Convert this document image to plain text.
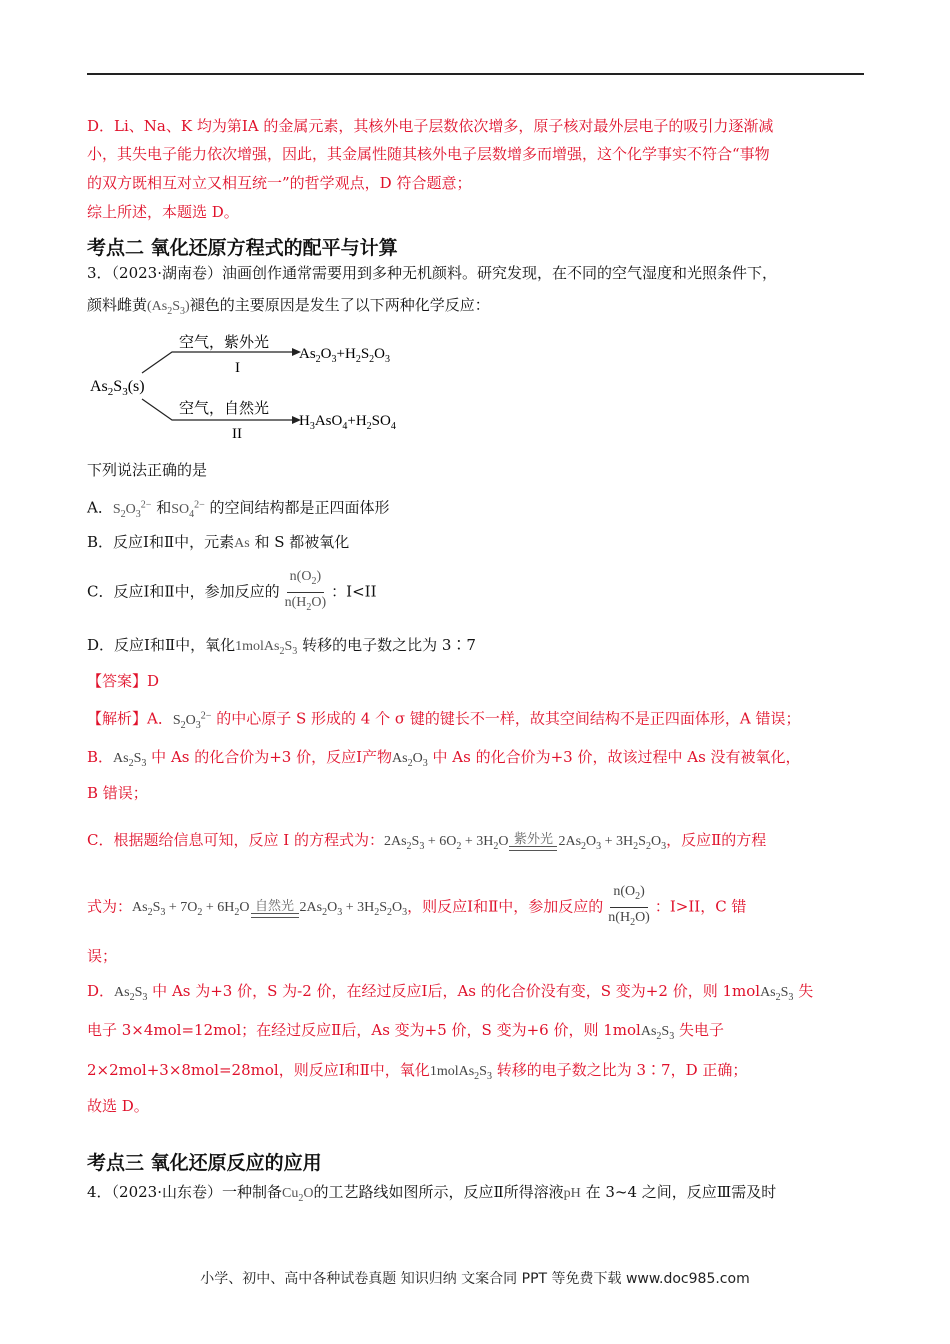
D．Li、Na、K 均为第ⅠA 的金属元素，其核外电子层数依次增多，原子核对最外层电子的吸引力逐渐减
小，其失电子能力依次增强，因此，其金属性随其核外电子层数增多而增强，这个化学事实不符合“事物
的双方既相互对立又相互统一”的哲学观点，D 符合题意；
综上所述，本题选 D。
考点二 氧化还原方程式的配平与计算
3．（2023·湖南卷）油画创作通常需要用到多种无机颜料。研究发现，在不同的空气湿度和光照条件下，
颜料雌黄$(As_2S_3)$褪色的主要原因是发生了以下两种化学反应：
$As_2S_3(s)$
空气，紫外光
I
$As_2O_3+H_2S_2O_3$
空气，自然光
II
$H_3AsO_4+H_2SO_4$
下列说法正确的是
A．$S_2O_3^{2-}$ 和$SO_4^{2-}$ 的空间结构都是正四面体形
B．反应Ⅰ和Ⅱ中，元素As 和 S 都被氧化
C．反应Ⅰ和Ⅱ中，参加反应的 $\frac{n(O_2)}{n(H_2O)}$ ：Ⅰ<II
D．反应Ⅰ和Ⅱ中，氧化$1molAs_2S_3$ 转移的电子数之比为 3∶7
【答案】D
【解析】A．$S_2O_3^{2-}$ 的中心原子 S 形成的 4 个 σ 键的键长不一样，故其空间结构不是正四面体形，A 错误；
B．$As_2S_3$ 中 As 的化合价为+3 价，反应Ⅰ产物$As_2O_3$ 中 As 的化合价为+3 价，故该过程中 As 没有被氧化，
B 错误；
C．根据题给信息可知，反应 I 的方程式为：$2As_2S_3 + 6O_2 + 3H_2O$ 紫外光 $2As_2O_3 + 3H_2S_2O_3$，反应Ⅱ的方程
式为：$As_2S_3 + 7O_2 + 6H_2O$ 自然光 $2As_2O_3 + 3H_2S_2O_3$，则反应Ⅰ和Ⅱ中，参加反应的 $\frac{n(O_2)}{n(H_2O)}$ ：Ⅰ>II，C 错
误；
D．$As_2S_3$ 中 As 为+3 价，S 为-2 价，在经过反应Ⅰ后，As 的化合价没有变，S 变为+2 价，则 $1molAs_2S_3$ 失
电子 3×4mol=12mol；在经过反应Ⅱ后，As 变为+5 价，S 变为+6 价，则 $1molAs_2S_3$ 失电子
2×2mol+3×8mol=28mol，则反应Ⅰ和Ⅱ中，氧化$1molAs_2S_3$ 转移的电子数之比为 3∶7，D 正确；
故选 D。
考点三 氧化还原反应的应用
4．（2023·山东卷）一种制备$Cu_2O$的工艺路线如图所示，反应Ⅱ所得溶液pH 在 3~4 之间，反应Ⅲ需及时
小学、初中、高中各种试卷真题 知识归纳 文案合同 PPT 等免费下载 www.doc985.com
